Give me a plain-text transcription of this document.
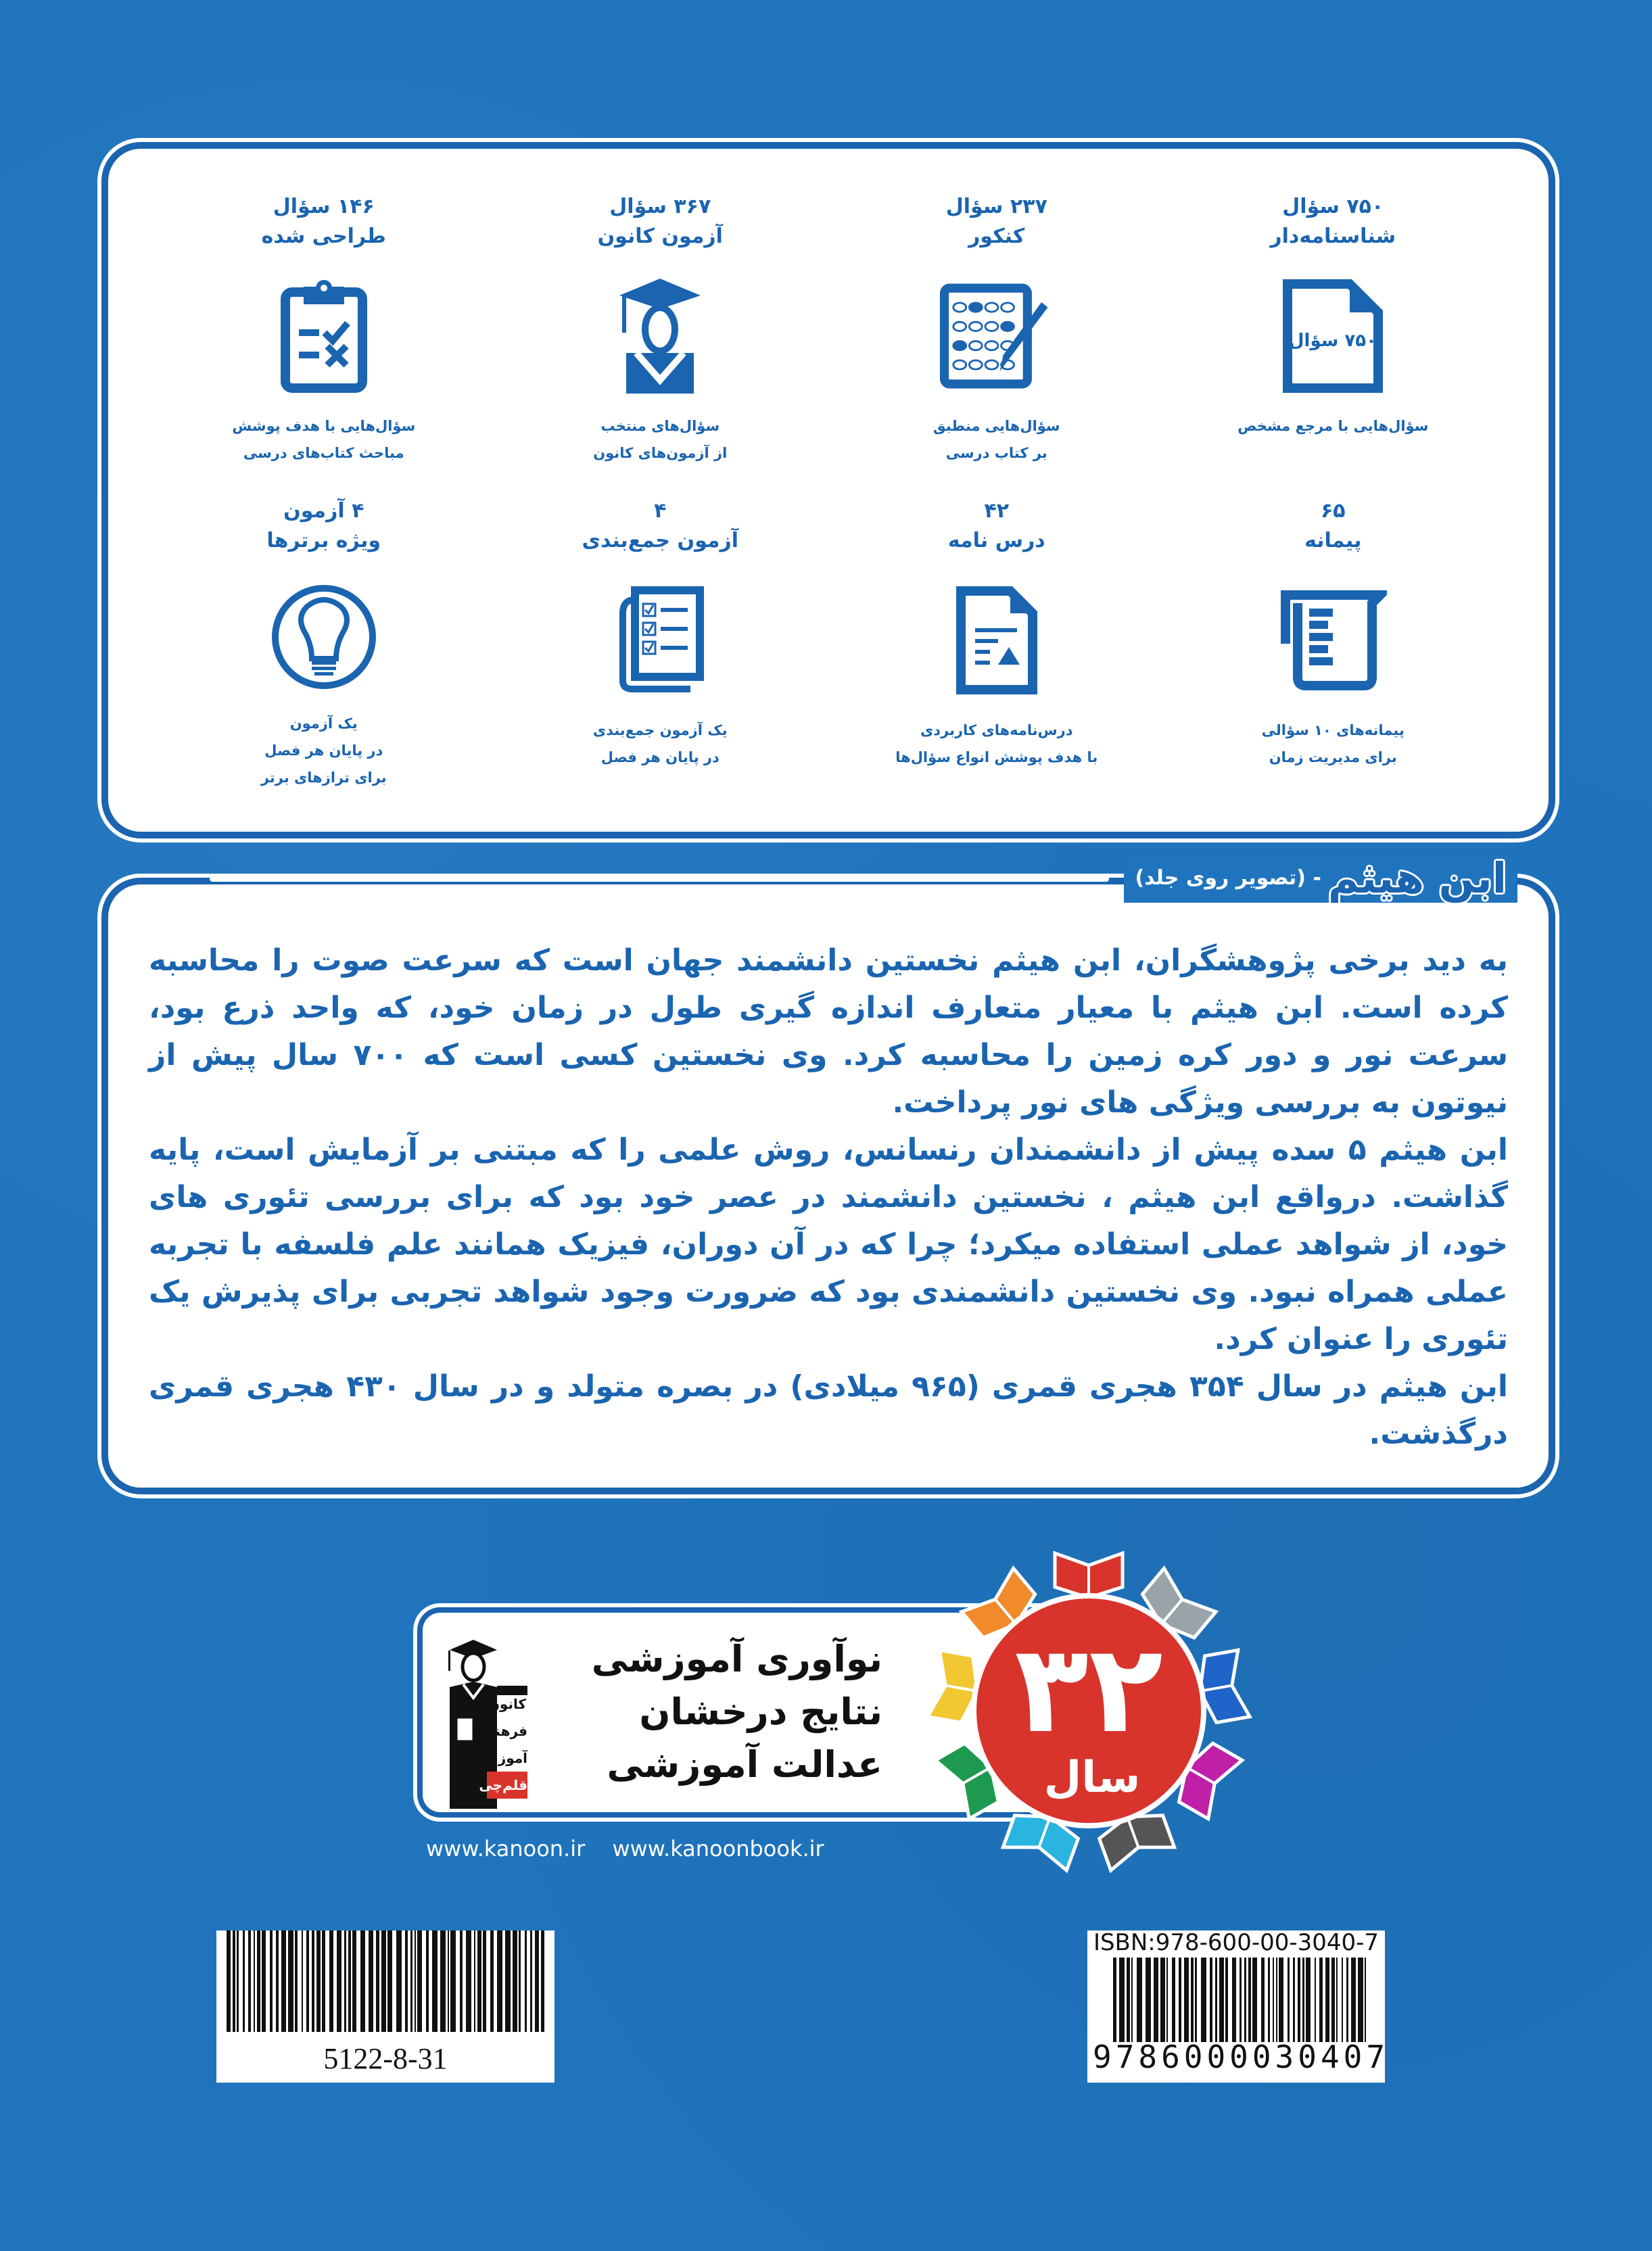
۷۵۰ سؤال
شناسنامه‌دار
۷۵۰ سؤال
سؤال‌هایی با مرجع مشخص
۲۳۷ سؤال
کنکور
سؤال‌هایی منطبق
بر کتاب درسی
۳۶۷ سؤال
آزمون کانون
سؤال‌های منتخب
از آزمون‌های کانون
۱۴۶ سؤال
طراحی شده
سؤال‌هایی با هدف پوشش
مباحث کتاب‌های درسی
۶۵
پیمانه
پیمانه‌های ۱۰ سؤالی
برای مدیریت زمان
۴۲
درس نامه
درس‌نامه‌های کاربردی
با هدف پوشش انواع سؤال‌ها
۴
آزمون جمع‌بندی
یک آزمون جمع‌بندی
در پایان هر فصل
۴ آزمون
ویژه برترها
یک آزمون
در پایان هر فصل
برای ترازهای برتر
ابن هیثم
- (تصویر روی جلد)

به دید برخی پژوهشگران، ابن هیثم نخستین دانشمند جهان است که سرعت صوت را محاسبه کرده است. ابن هیثم با معیار متعارف اندازه گیری طول در زمان خود، که واحد ذرع بود، سرعت نور و دور کره زمین را محاسبه کرد. وی نخستین کسی است که ۷۰۰ سال پیش از نیوتون به بررسی ویژگی های نور پرداخت.

ابن هیثم ۵ سده پیش از دانشمندان رنسانس، روش علمی را که مبتنی بر آزمایش است، پایه گذاشت. درواقع ابن هیثم ، نخستین دانشمند در عصر خود بود که برای بررسی تئوری های خود، از شواهد عملی استفاده میکرد؛ چرا که در آن دوران، فیزیک همانند علم فلسفه با تجربه عملی همراه نبود. وی نخستین دانشمندی بود که ضرورت وجود شواهد تجربی برای پذیرش یک تئوری را عنوان کرد.

ابن هیثم در سال ۳۵۴ هجری قمری (۹۶۵ میلادی) در بصره متولد و در سال ۴۳۰ هجری قمری درگذشت.

کانون
فرهنگی
آموزش
قلم‌چی
نوآوری آموزشی
نتایج درخشان
عدالت آموزشی
۳۲
سال
www.kanoon.ir www.kanoonbook.ir
5122-8-31
ISBN:978-600-00-3040-7
9786000030407
